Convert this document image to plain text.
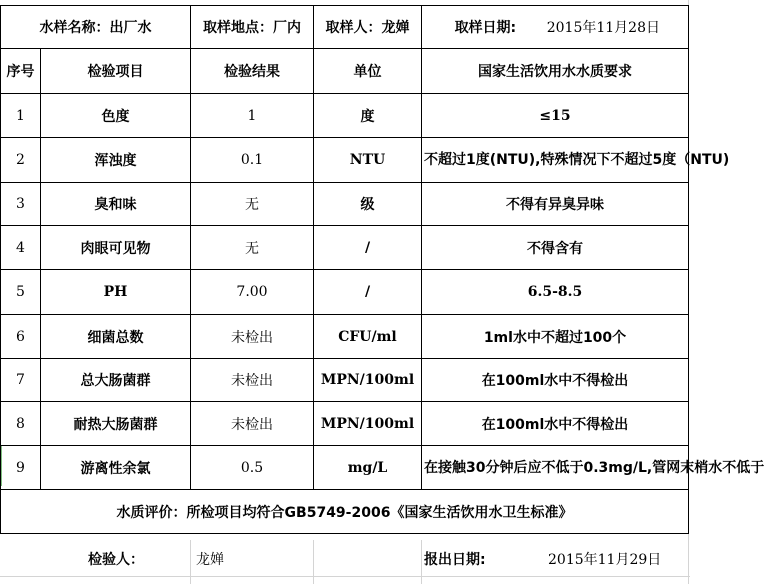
水样名称：出厂水		取样地点：厂内	取样人：龙婵	取样日期: 2015年11月28日

序号	检验项目	检验结果	单位	国家生活饮用水水质要求
1	色度	1	度	≤15
2	浑浊度	0.1	NTU	不超过1度(NTU),特殊情况下不超过5度（NTU)
3	臭和味	无	级	不得有异臭异味
4	肉眼可见物	无	/	不得含有
5	PH	7.00	/	6.5-8.5
6	细菌总数	未检出	CFU/ml	1ml水中不超过100个
7	总大肠菌群	未检出	MPN/100ml	在100ml水中不得检出
8	耐热大肠菌群	未检出	MPN/100ml	在100ml水中不得检出
9	游离性余氯	0.5	mg/L	在接触30分钟后应不低于0.3mg/L,管网末梢水不低于
水质评价：所检项目均符合GB5749-2006《国家生活饮用水卫生标准》				
检验人：	龙婵	报出日期:	2015年11月29日
